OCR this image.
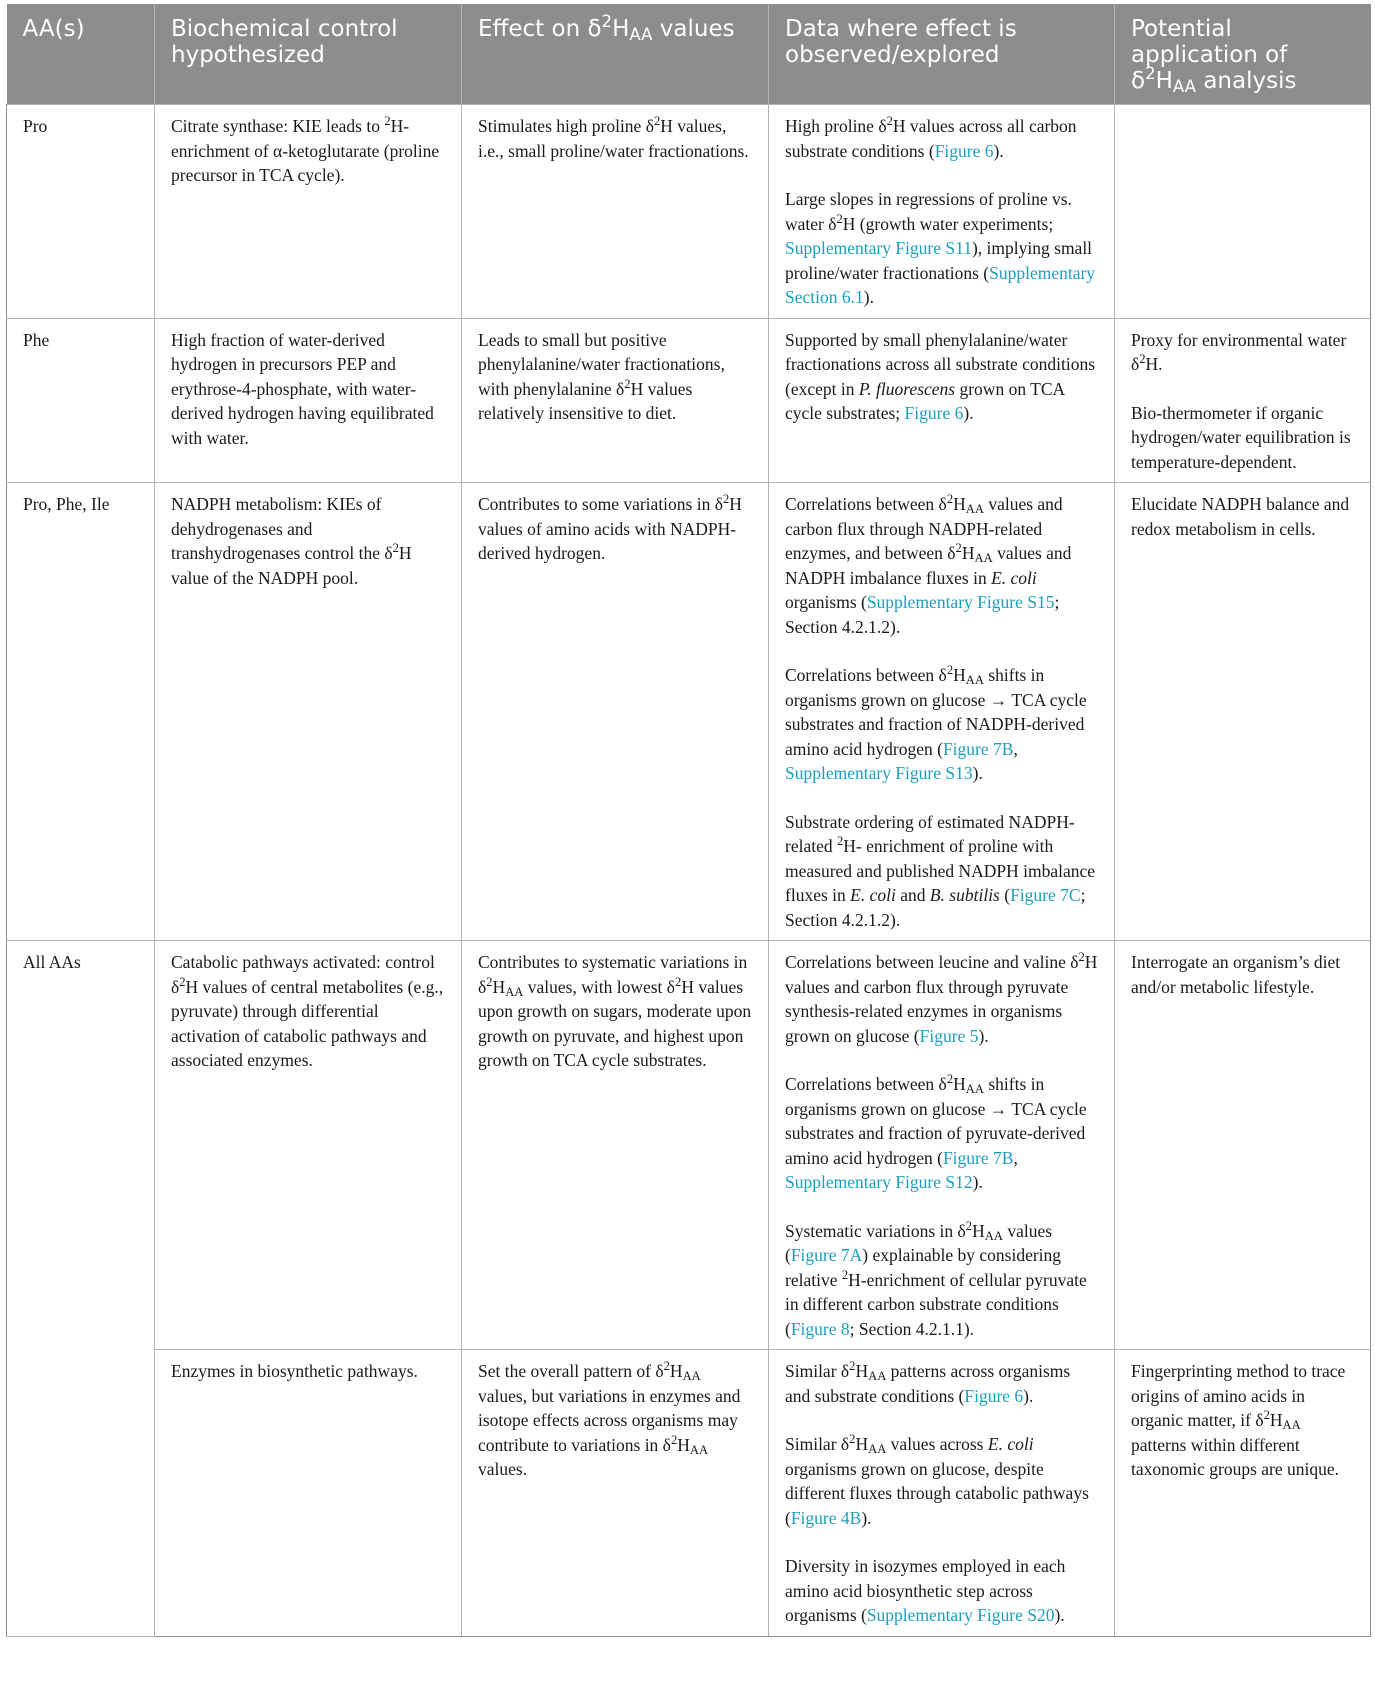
AA(s)	Biochemical control hypothesized	Effect on $\delta^2H_{AA}$ values	Data where effect is observed/explored	Potential application of $\delta^2H_{AA}$ analysis

Pro	Citrate synthase: KIE leads to $^2$H-enrichment of α-ketoglutarate (proline precursor in TCA cycle).	Stimulates high proline $\delta^2H$ values, i.e., small proline/water fractionations.	High proline $\delta^2H$ values across all carbon substrate conditions (Figure 6).
Large slopes in regressions of proline vs. water $\delta^2H$ (growth water experiments; Supplementary Figure S11), implying small proline/water fractionations (Supplementary Section 6.1).	

Phe	High fraction of water-derived hydrogen in precursors PEP and erythrose-4-phosphate, with water-derived hydrogen having equilibrated with water.	Leads to small but positive phenylalanine/water fractionations, with phenylalanine $\delta^2H$ values relatively insensitive to diet.	Supported by small phenylalanine/water fractionations across all substrate conditions (except in P. fluorescens grown on TCA cycle substrates; Figure 6).	Proxy for environmental water $\delta^2H$.
Bio-thermometer if organic hydrogen/water equilibration is temperature-dependent.

Pro, Phe, Ile	NADPH metabolism: KIEs of dehydrogenases and transhydrogenases control the $\delta^2H$ value of the NADPH pool.	Contributes to some variations in $\delta^2H$ values of amino acids with NADPH-derived hydrogen.	Correlations between $\delta^2H_{AA}$ values and carbon flux through NADPH-related enzymes, and between $\delta^2H_{AA}$ values and NADPH imbalance fluxes in E. coli organisms (Supplementary Figure S15; Section 4.2.1.2).
Correlations between $\delta^2H_{AA}$ shifts in organisms grown on glucose → TCA cycle substrates and fraction of NADPH-derived amino acid hydrogen (Figure 7B, Supplementary Figure S13).
Substrate ordering of estimated NADPH-related $^2$H- enrichment of proline with measured and published NADPH imbalance fluxes in E. coli and B. subtilis (Figure 7C; Section 4.2.1.2).	Elucidate NADPH balance and redox metabolism in cells.

All AAs	Catabolic pathways activated: control $\delta^2H$ values of central metabolites (e.g., pyruvate) through differential activation of catabolic pathways and associated enzymes.	Contributes to systematic variations in $\delta^2H_{AA}$ values, with lowest $\delta^2H$ values upon growth on sugars, moderate upon growth on pyruvate, and highest upon growth on TCA cycle substrates.	Correlations between leucine and valine $\delta^2H$ values and carbon flux through pyruvate synthesis-related enzymes in organisms grown on glucose (Figure 5).
Correlations between $\delta^2H_{AA}$ shifts in organisms grown on glucose → TCA cycle substrates and fraction of pyruvate-derived amino acid hydrogen (Figure 7B, Supplementary Figure S12).
Systematic variations in $\delta^2H_{AA}$ values (Figure 7A) explainable by considering relative $^2$H-enrichment of cellular pyruvate in different carbon substrate conditions (Figure 8; Section 4.2.1.1).	Interrogate an organism’s diet and/or metabolic lifestyle.

	Enzymes in biosynthetic pathways.	Set the overall pattern of $\delta^2H_{AA}$ values, but variations in enzymes and isotope effects across organisms may contribute to variations in $\delta^2H_{AA}$ values.	Similar $\delta^2H_{AA}$ patterns across organisms and substrate conditions (Figure 6).
Similar $\delta^2H_{AA}$ values across E. coli organisms grown on glucose, despite different fluxes through catabolic pathways (Figure 4B).
Diversity in isozymes employed in each amino acid biosynthetic step across organisms (Supplementary Figure S20).	Fingerprinting method to trace origins of amino acids in organic matter, if $\delta^2H_{AA}$ patterns within different taxonomic groups are unique.
